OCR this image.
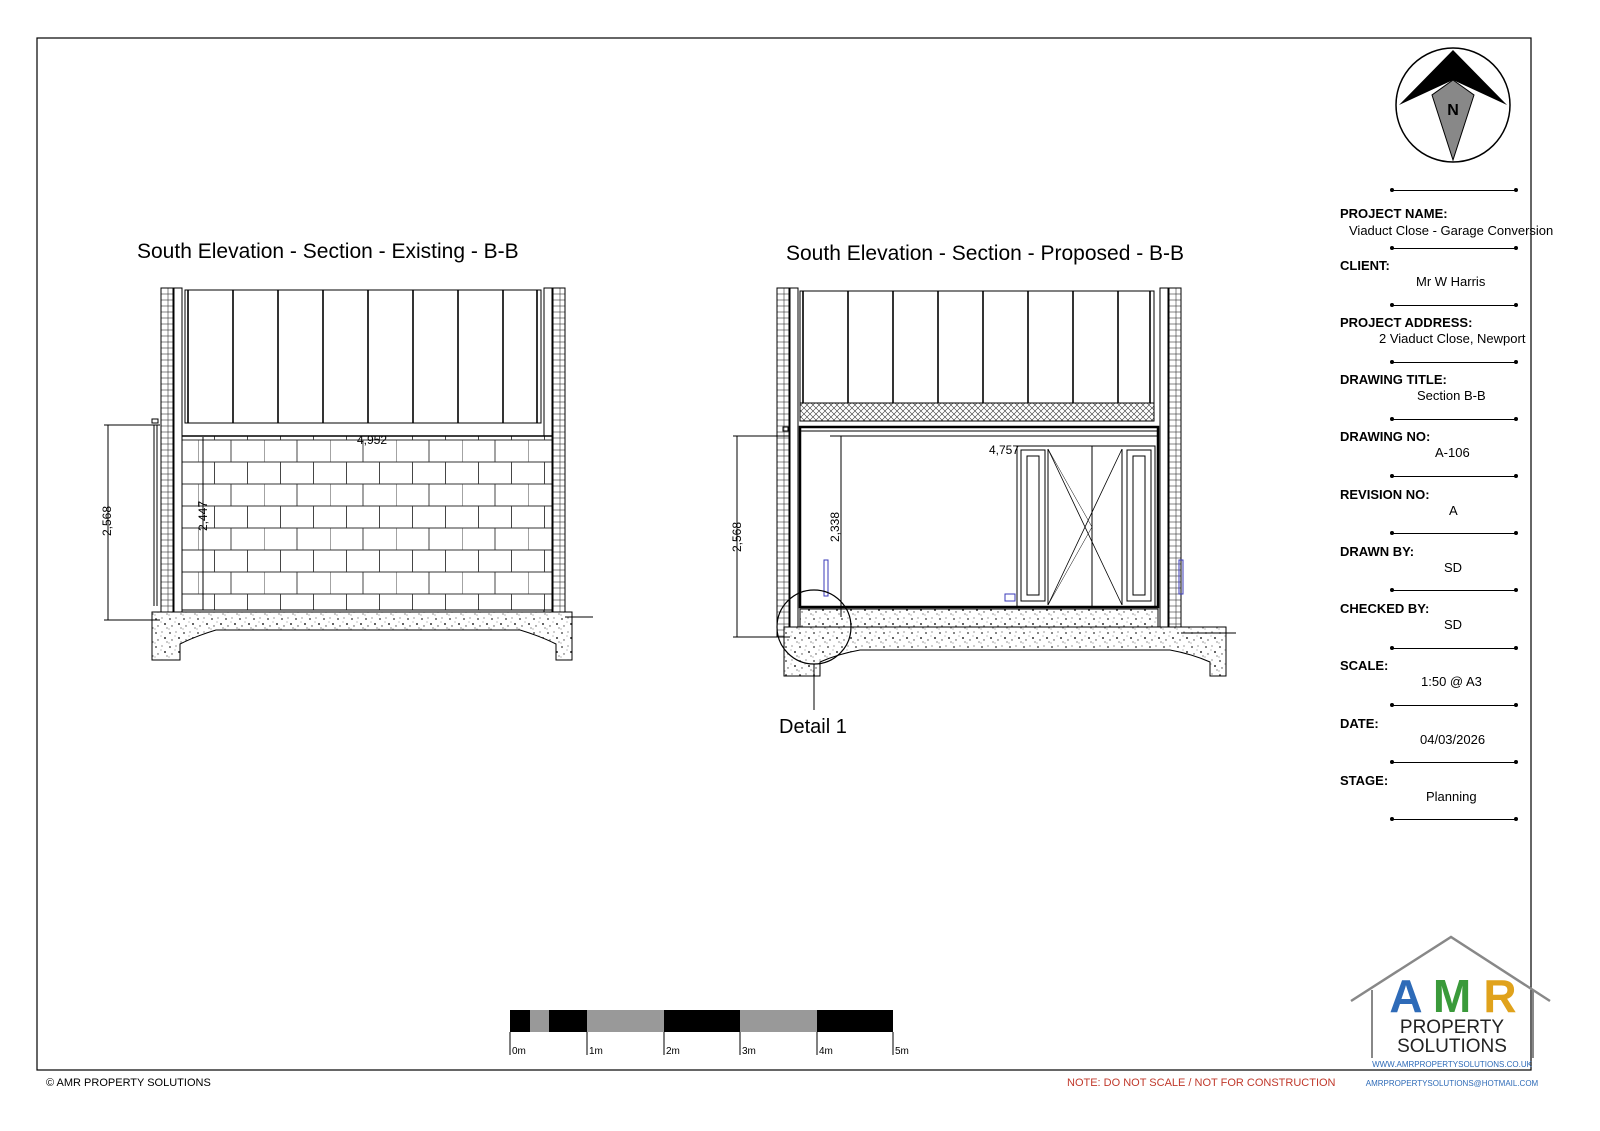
4,952
2,568	2,447
4,757
2,568	2,338
N
0m	1m	2m	3m	4m	5m
A M R
PROPERTY
SOLUTIONS
WWW.AMRPROPERTYSOLUTIONS.CO.UK
AMRPROPERTYSOLUTIONS@HOTMAIL.COM
South Elevation - Section - Existing - B-B	South Elevation - Section - Proposed - B-B
Detail 1
PROJECT NAME:
Viaduct Close - Garage Conversion
CLIENT:
Mr W Harris
PROJECT ADDRESS:
2 Viaduct Close, Newport
DRAWING TITLE:
Section B-B
DRAWING NO:
A-106
REVISION NO:
A
DRAWN BY:
SD
CHECKED BY:
SD
SCALE:
1:50 @ A3
DATE:
04/03/2026
STAGE:
Planning
© AMR PROPERTY SOLUTIONS	NOTE: DO NOT SCALE / NOT FOR CONSTRUCTION
